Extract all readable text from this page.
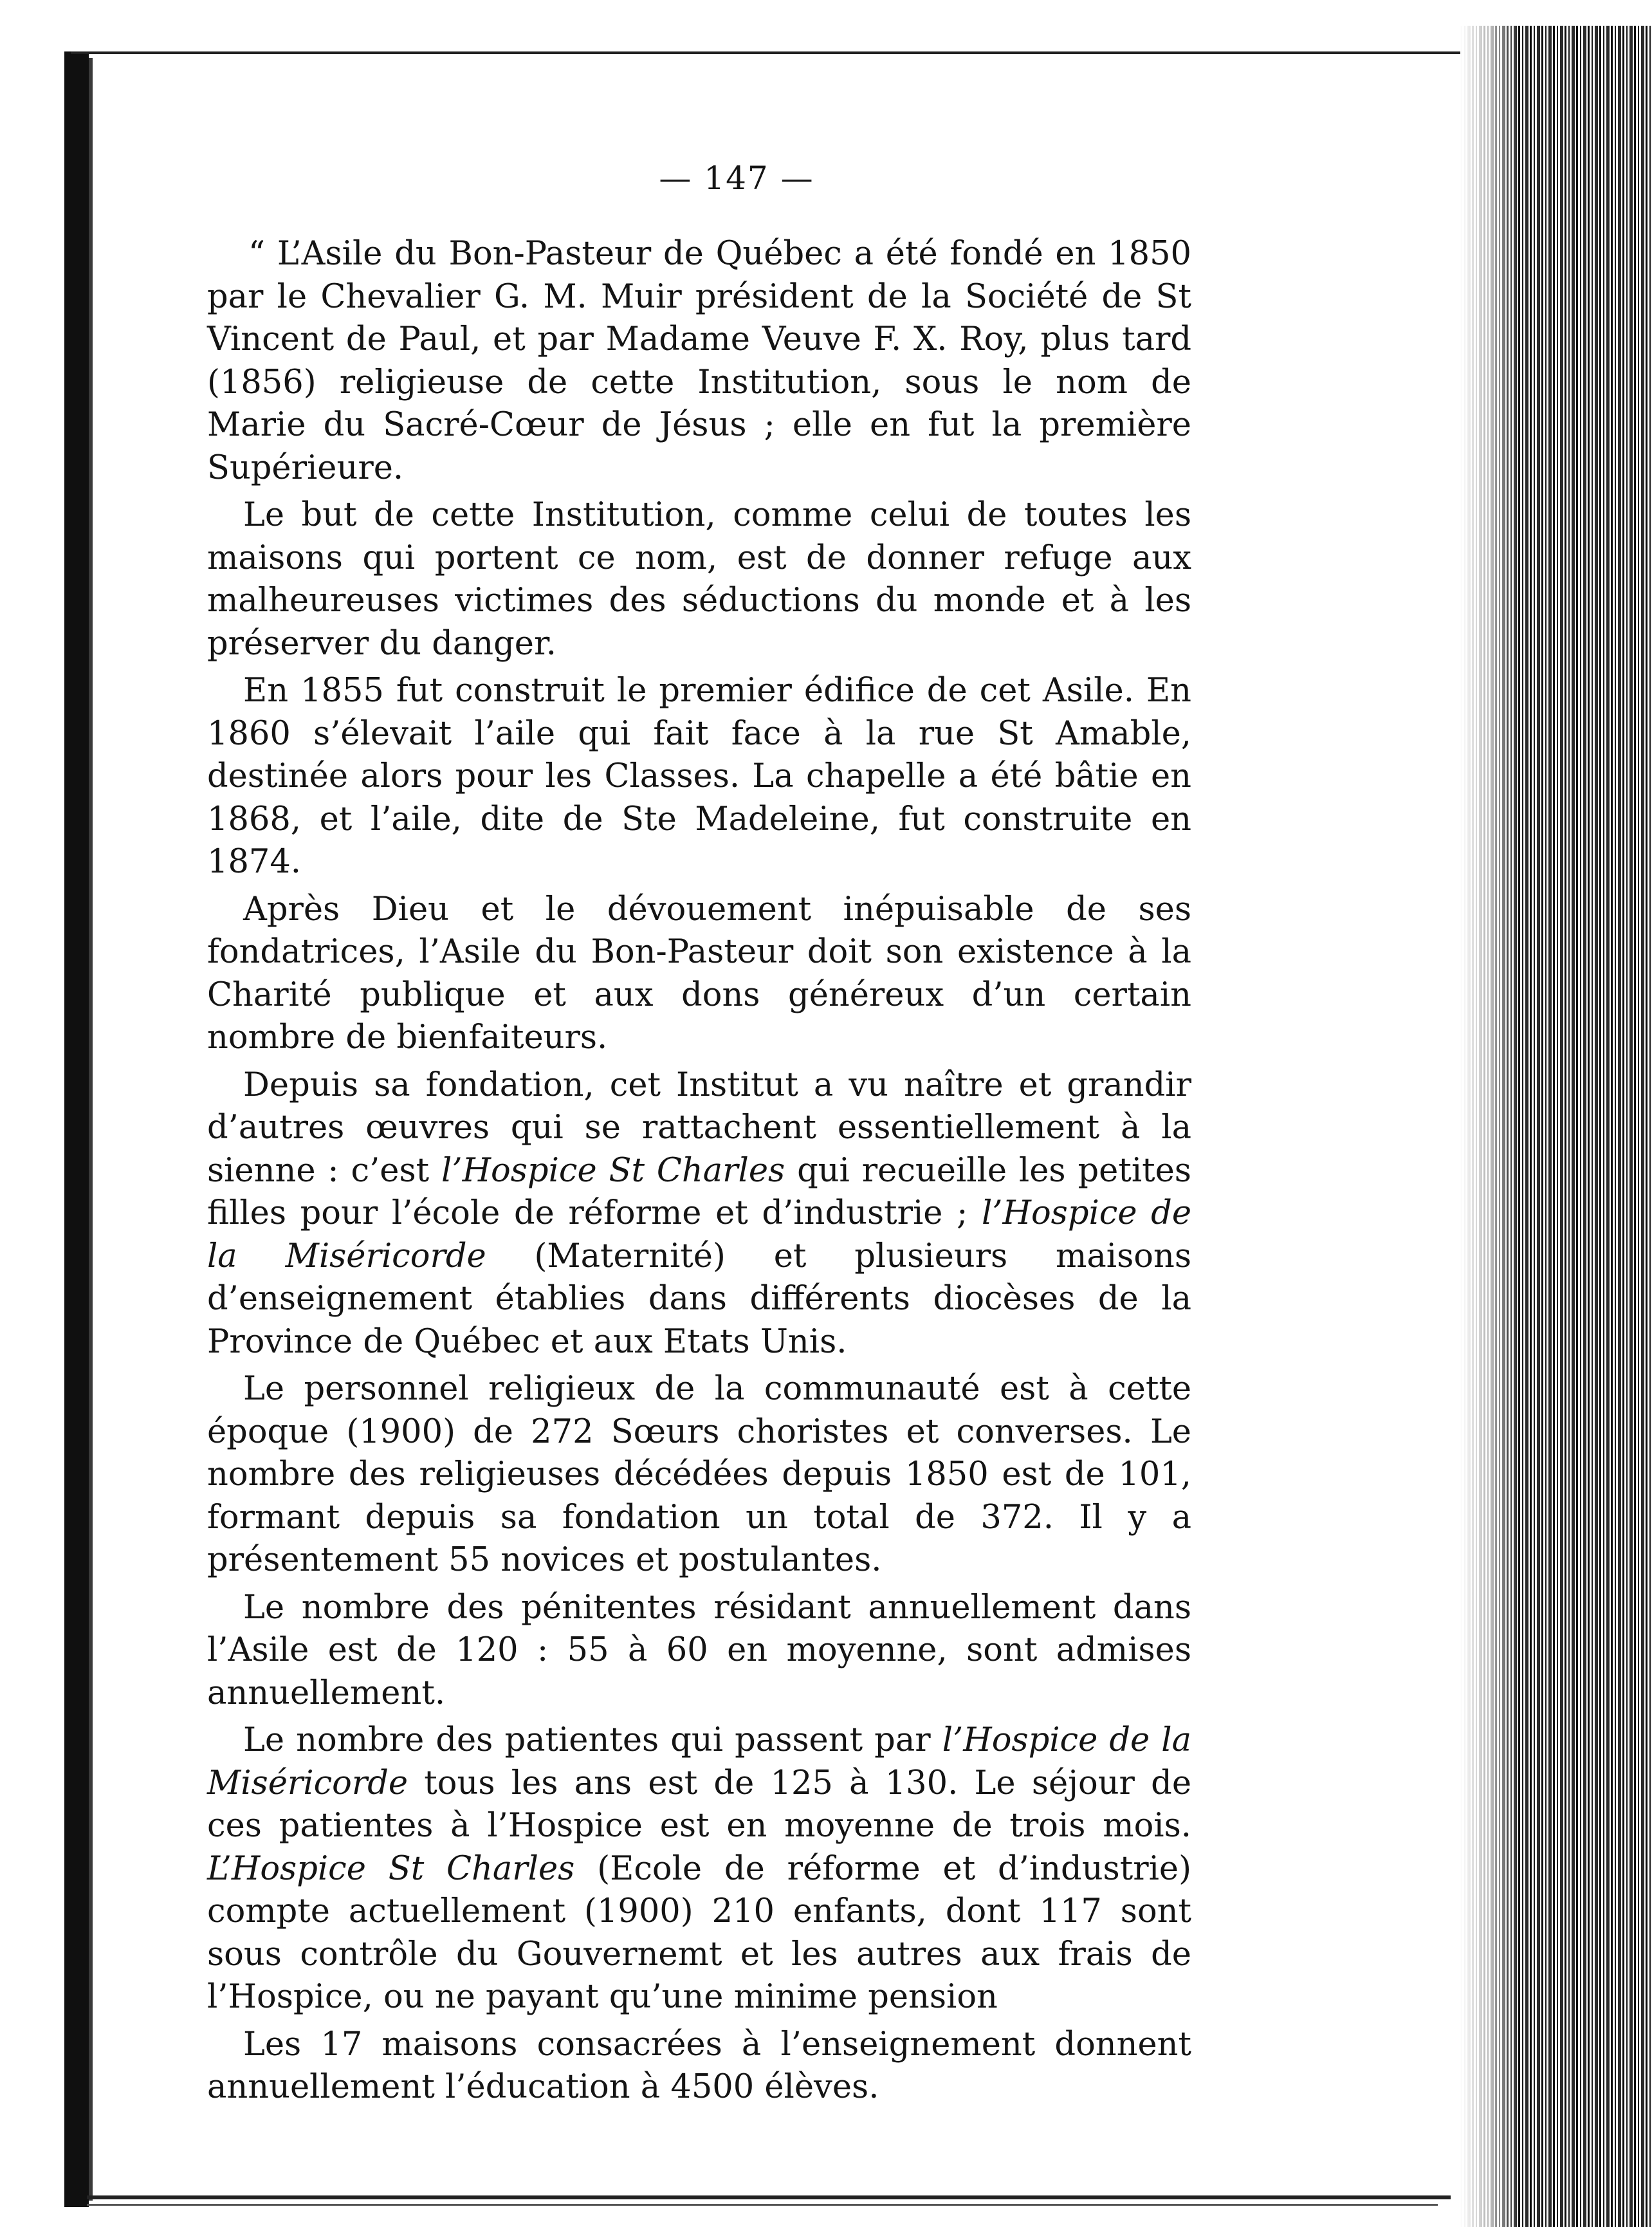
— 147 —

“ L’Asile du Bon-Pasteur de Québec a été fondé en 1850 par le Chevalier G. M. Muir président de la Société de St Vincent de Paul, et par Madame Veuve F. X. Roy, plus tard (1856) religieuse de cette Institution, sous le nom de Marie du Sacré-Cœur de Jésus ; elle en fut la première Supérieure.

Le but de cette Institution, comme celui de toutes les maisons qui portent ce nom, est de donner refuge aux malheureuses victimes des séductions du monde et à les préserver du danger.

En 1855 fut construit le premier édifice de cet Asile. En 1860 s’élevait l’aile qui fait face à la rue St Amable, destinée alors pour les Classes. La chapelle a été bâtie en 1868, et l’aile, dite de Ste Madeleine, fut construite en 1874.

Après Dieu et le dévouement inépuisable de ses fondatrices, l’Asile du Bon-Pasteur doit son existence à la Charité publique et aux dons généreux d’un certain nombre de bienfaiteurs.

Depuis sa fondation, cet Institut a vu naître et grandir d’autres œuvres qui se rattachent essentiellement à la sienne : c’est l’Hospice St Charles qui recueille les petites filles pour l’école de réforme et d’industrie ; l’Hospice de la Miséricorde (Maternité) et plusieurs maisons d’enseignement établies dans différents diocèses de la Province de Québec et aux Etats Unis.

Le personnel religieux de la communauté est à cette époque (1900) de 272 Sœurs choristes et converses. Le nombre des religieuses décédées depuis 1850 est de 101, formant depuis sa fondation un total de 372. Il y a présentement 55 novices et postulantes.

Le nombre des pénitentes résidant annuellement dans l’Asile est de 120 : 55 à 60 en moyenne, sont admises annuellement.

Le nombre des patientes qui passent par l’Hospice de la Miséricorde tous les ans est de 125 à 130. Le séjour de ces patientes à l’Hospice est en moyenne de trois mois. L’Hospice St Charles (Ecole de réforme et d’industrie) compte actuellement (1900) 210 enfants, dont 117 sont sous contrôle du Gouvernemt et les autres aux frais de l’Hospice, ou ne payant qu’une minime pension

Les 17 maisons consacrées à l’enseignement donnent annuellement l’éducation à 4500 élèves.
